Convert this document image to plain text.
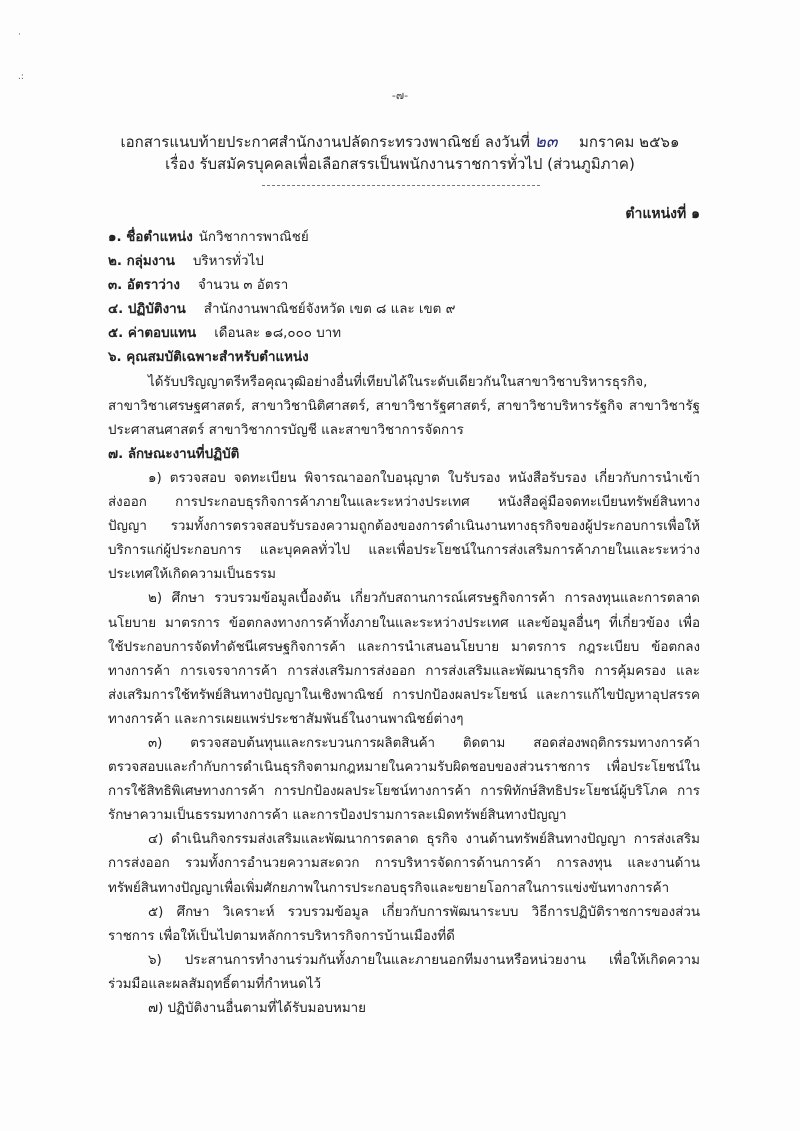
·
.:
-๗-
เอกสารแนบท้ายประกาศสำนักงานปลัดกระทรวงพาณิชย์ ลงวันที่ ๒๓ มกราคม ๒๕๖๑
เรื่อง รับสมัครบุคคลเพื่อเลือกสรรเป็นพนักงานราชการทั่วไป (ส่วนภูมิภาค)
ตำแหน่งที่ ๑
๑. ชื่อตำแหน่ง นักวิชาการพาณิชย์
๒. กลุ่มงาน บริหารทั่วไป
๓. อัตราว่าง จำนวน ๓ อัตรา
๔. ปฏิบัติงาน สำนักงานพาณิชย์จังหวัด เขต ๘ และ เขต ๙
๕. ค่าตอบแทน เดือนละ ๑๘,๐๐๐ บาท
๖. คุณสมบัติเฉพาะสำหรับตำแหน่ง
ได้รับปริญญาตรีหรือคุณวุฒิอย่างอื่นที่เทียบได้ในระดับเดียวกันในสาขาวิชาบริหารธุรกิจ,
สาขาวิชาเศรษฐศาสตร์, สาขาวิชานิติศาสตร์, สาขาวิชารัฐศาสตร์, สาขาวิชาบริหารรัฐกิจ สาขาวิชารัฐ
ประศาสนศาสตร์ สาขาวิชาการบัญชี และสาขาวิชาการจัดการ
๗. ลักษณะงานที่ปฏิบัติ
๑) ตรวจสอบ จดทะเบียน พิจารณาออกใบอนุญาต ใบรับรอง หนังสือรับรอง เกี่ยวกับการนำเข้า
ส่งออก การประกอบธุรกิจการค้าภายในและระหว่างประเทศ หนังสือคู่มือจดทะเบียนทรัพย์สินทาง
ปัญญา รวมทั้งการตรวจสอบรับรองความถูกต้องของการดำเนินงานทางธุรกิจของผู้ประกอบการเพื่อให้
บริการแก่ผู้ประกอบการ และบุคคลทั่วไป และเพื่อประโยชน์ในการส่งเสริมการค้าภายในและระหว่าง
ประเทศให้เกิดความเป็นธรรม
๒) ศึกษา รวบรวมข้อมูลเบื้องต้น เกี่ยวกับสถานการณ์เศรษฐกิจการค้า การลงทุนและการตลาด
นโยบาย มาตรการ ข้อตกลงทางการค้าทั้งภายในและระหว่างประเทศ และข้อมูลอื่นๆ ที่เกี่ยวข้อง เพื่อ
ใช้ประกอบการจัดทำดัชนีเศรษฐกิจการค้า และการนำเสนอนโยบาย มาตรการ กฎระเบียบ ข้อตกลง
ทางการค้า การเจรจาการค้า การส่งเสริมการส่งออก การส่งเสริมและพัฒนาธุรกิจ การคุ้มครอง และ
ส่งเสริมการใช้ทรัพย์สินทางปัญญาในเชิงพาณิชย์ การปกป้องผลประโยชน์ และการแก้ไขปัญหาอุปสรรค
ทางการค้า และการเผยแพร่ประชาสัมพันธ์ในงานพาณิชย์ต่างๆ
๓) ตรวจสอบต้นทุนและกระบวนการผลิตสินค้า ติดตาม สอดส่องพฤติกรรมทางการค้า
ตรวจสอบและกำกับการดำเนินธุรกิจตามกฎหมายในความรับผิดชอบของส่วนราชการ เพื่อประโยชน์ใน
การใช้สิทธิพิเศษทางการค้า การปกป้องผลประโยชน์ทางการค้า การพิทักษ์สิทธิประโยชน์ผู้บริโภค การ
รักษาความเป็นธรรมทางการค้า และการป้องปรามการละเมิดทรัพย์สินทางปัญญา
๔) ดำเนินกิจกรรมส่งเสริมและพัฒนาการตลาด ธุรกิจ งานด้านทรัพย์สินทางปัญญา การส่งเสริม
การส่งออก รวมทั้งการอำนวยความสะดวก การบริหารจัดการด้านการค้า การลงทุน และงานด้าน
ทรัพย์สินทางปัญญาเพื่อเพิ่มศักยภาพในการประกอบธุรกิจและขยายโอกาสในการแข่งขันทางการค้า
๕) ศึกษา วิเคราะห์ รวบรวมข้อมูล เกี่ยวกับการพัฒนาระบบ วิธีการปฏิบัติราชการของส่วน
ราชการ เพื่อให้เป็นไปตามหลักการบริหารกิจการบ้านเมืองที่ดี
๖) ประสานการทำงานร่วมกันทั้งภายในและภายนอกทีมงานหรือหน่วยงาน เพื่อให้เกิดความ
ร่วมมือและผลสัมฤทธิ์ตามที่กำหนดไว้
๗) ปฏิบัติงานอื่นตามที่ได้รับมอบหมาย
